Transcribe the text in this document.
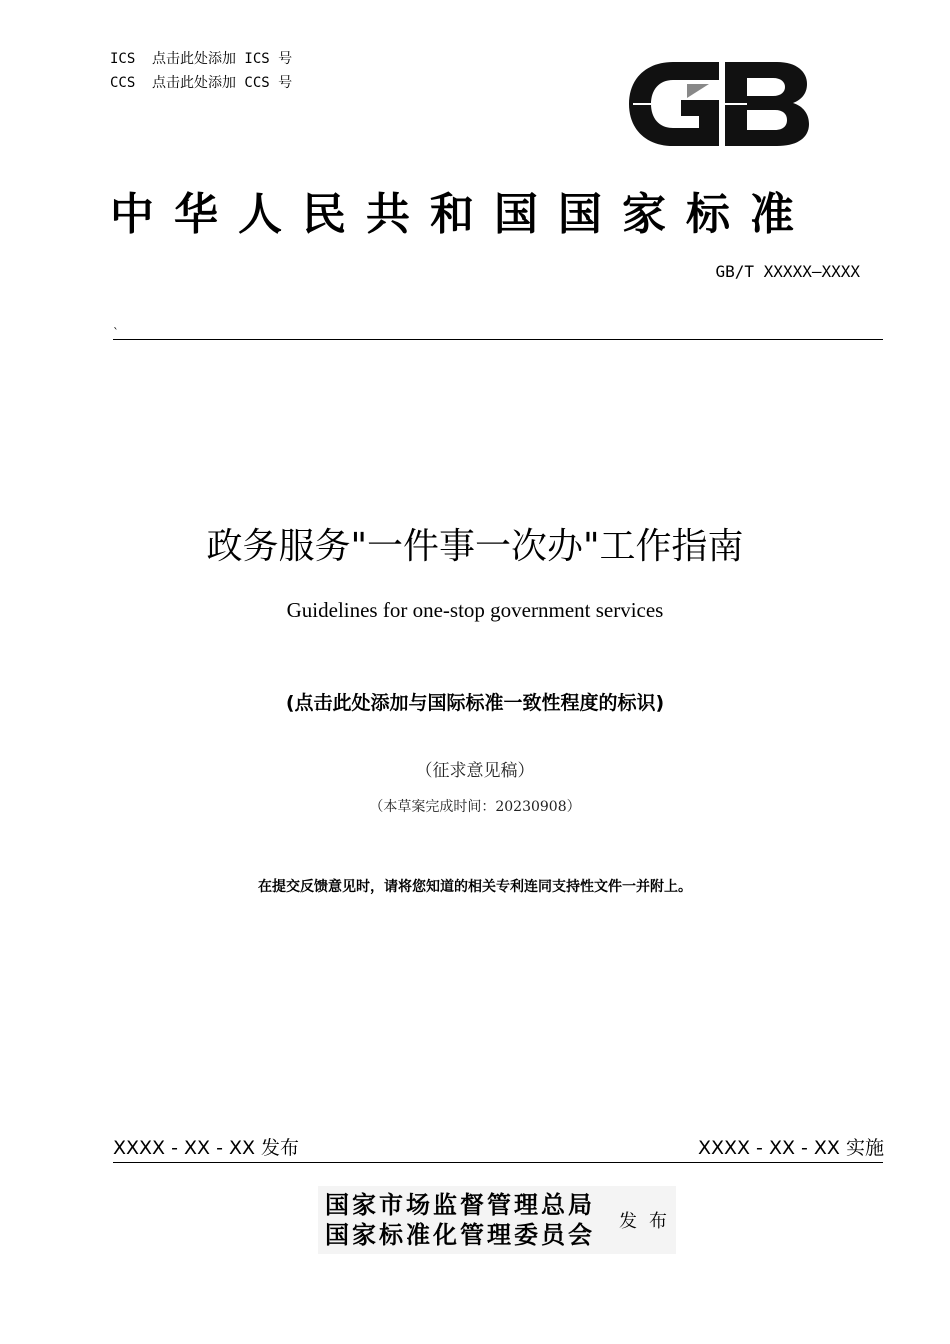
ICS 点击此处添加 ICS 号
CCS 点击此处添加 CCS 号
中华人民共和国国家标准
GB/T XXXXX—XXXX
`
政务服务"一件事一次办"工作指南
Guidelines for one-stop government services
(点击此处添加与国际标准一致性程度的标识)
（征求意见稿）
（本草案完成时间：20230908）
在提交反馈意见时，请将您知道的相关专利连同支持性文件一并附上。
XXXX - XX - XX 发布	XXXX - XX - XX 实施
国家市场监督管理总局
国家标准化管理委员会 发布
